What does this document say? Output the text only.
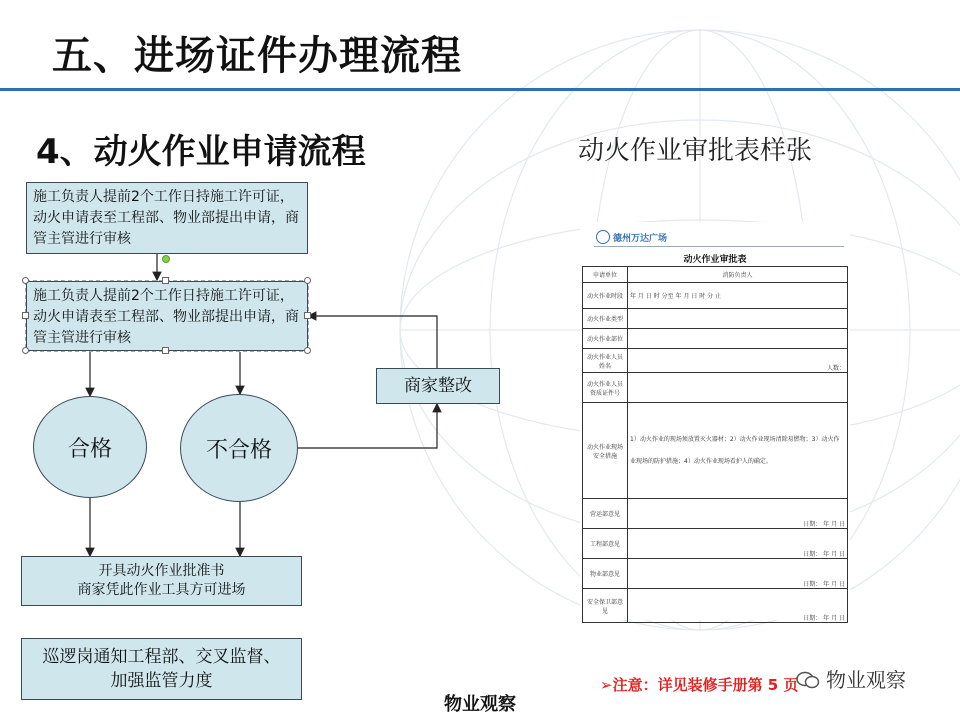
五、进场证件办理流程
4、动火作业申请流程	动火作业审批表样张
施工负责人提前2个工作日持施工许可证，动火申请表至工程部、物业部提出申请，商管主管进行审核
施工负责人提前2个工作日持施工许可证，动火申请表至工程部、物业部提出申请，商管主管进行审核
合格	不合格
商家整改
开具动火作业批准书
商家凭此作业工具方可进场
巡逻岗通知工程部、交叉监督、加强监管力度
德州万达广场
动火作业审批表
申请单位	消防负责人
动火作业时段	年 月 日 时 分至 年 月 日 时 分 止
动火作业类型	
动火作业部位	
动火作业人员姓名	人数：
动火作业人员资质证件号	
动火作业现场安全措施	1）动火作业的现场须放置灭火器材；2）动火作业现场清除易燃物；3）动火作业现场的防护措施；4）动火作业现场看护人的确定。
营运部意见	日期： 年 月 日
工程部意见	日期： 年 月 日
物业部意见	日期： 年 月 日
安全保卫部意见	日期： 年 月 日
➢注意：详见装修手册第 5 页 物业观察
物业观察
